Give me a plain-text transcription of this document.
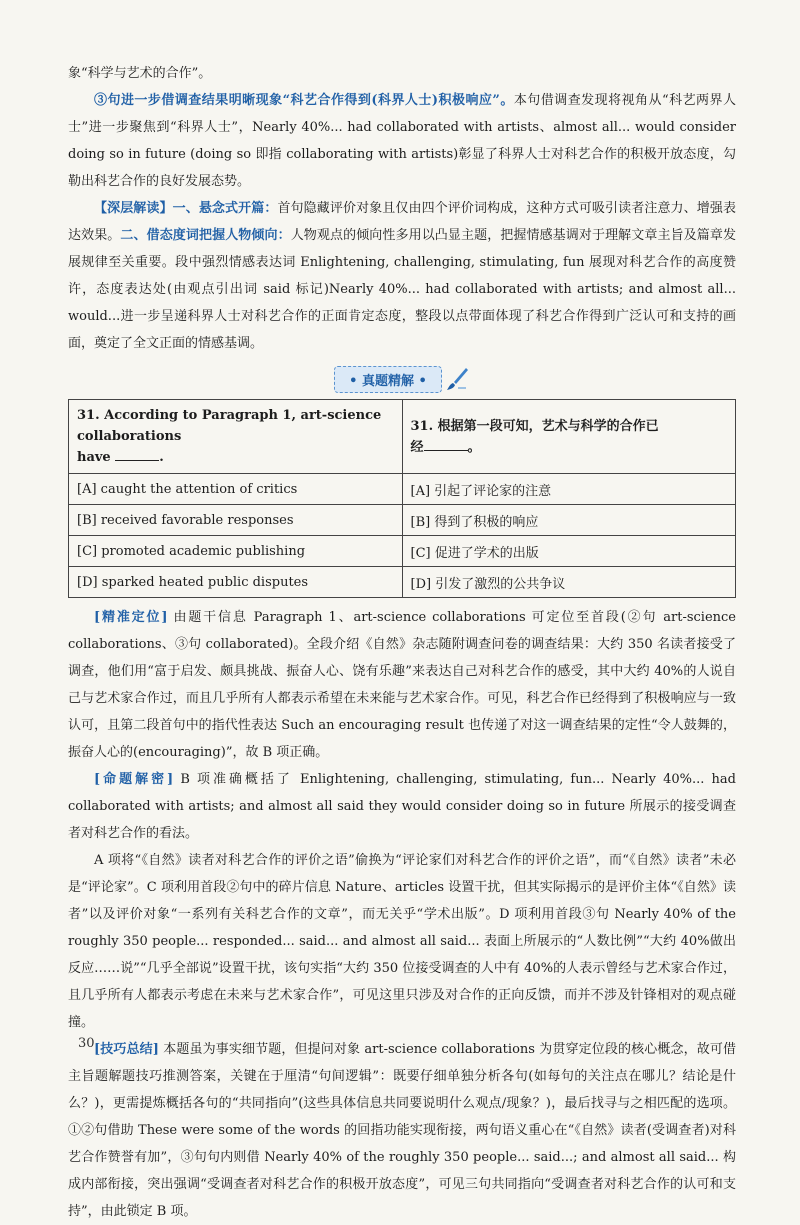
象“科学与艺术的合作”。

③句进一步借调查结果明晰现象“科艺合作得到(科界人士)积极响应”。本句借调查发现将视角从“科艺两界人士”进一步聚焦到“科界人士”，Nearly 40%... had collaborated with artists、almost all... would consider doing so in future (doing so 即指 collaborating with artists)彰显了科界人士对科艺合作的积极开放态度，勾勒出科艺合作的良好发展态势。

【深层解读】一、悬念式开篇：首句隐藏评价对象且仅由四个评价词构成，这种方式可吸引读者注意力、增强表达效果。二、借态度词把握人物倾向：人物观点的倾向性多用以凸显主题，把握情感基调对于理解文章主旨及篇章发展规律至关重要。段中强烈情感表达词 Enlightening, challenging, stimulating, fun 展现对科艺合作的高度赞许，态度表达处(由观点引出词 said 标记)Nearly 40%... had collaborated with artists; and almost all... would...进一步呈递科界人士对科艺合作的正面肯定态度，整段以点带面体现了科艺合作得到广泛认可和支持的画面，奠定了全文正面的情感基调。

• 真题精解 •
31. According to Paragraph 1, art-science collaborations
have .	31. 根据第一段可知，艺术与科学的合作已
经 。
[A] caught the attention of critics	[A] 引起了评论家的注意
[B] received favorable responses	[B] 得到了积极的响应
[C] promoted academic publishing	[C] 促进了学术的出版
[D] sparked heated public disputes	[D] 引发了激烈的公共争议

[精准定位] 由题干信息 Paragraph 1、art-science collaborations 可定位至首段(②句 art-science collaborations、③句 collaborated)。全段介绍《自然》杂志随附调查问卷的调查结果：大约 350 名读者接受了调查，他们用“富于启发、颇具挑战、振奋人心、饶有乐趣”来表达自己对科艺合作的感受，其中大约 40%的人说自己与艺术家合作过，而且几乎所有人都表示希望在未来能与艺术家合作。可见，科艺合作已经得到了积极响应与一致认可，且第二段首句中的指代性表达 Such an encouraging result 也传递了对这一调查结果的定性“令人鼓舞的，振奋人心的(encouraging)”，故 B 项正确。

[命题解密] B 项准确概括了 Enlightening, challenging, stimulating, fun... Nearly 40%... had collaborated with artists; and almost all said they would consider doing so in future 所展示的接受调查者对科艺合作的看法。

A 项将“《自然》读者对科艺合作的评价之语”偷换为“评论家们对科艺合作的评价之语”，而“《自然》读者”未必是“评论家”。C 项利用首段②句中的碎片信息 Nature、articles 设置干扰，但其实际揭示的是评价主体“《自然》读者”以及评价对象“一系列有关科艺合作的文章”，而无关乎“学术出版”。D 项利用首段③句 Nearly 40% of the roughly 350 people... responded... said... and almost all said... 表面上所展示的“人数比例”“大约 40%做出反应……说”“几乎全部说”设置干扰，该句实指“大约 350 位接受调查的人中有 40%的人表示曾经与艺术家合作过，且几乎所有人都表示考虑在未来与艺术家合作”，可见这里只涉及对合作的正向反馈，而并不涉及针锋相对的观点碰撞。

[技巧总结] 本题虽为事实细节题，但提问对象 art-science collaborations 为贯穿定位段的核心概念，故可借主旨题解题技巧推测答案，关键在于厘清“句间逻辑”：既要仔细单独分析各句(如每句的关注点在哪儿？结论是什么？)，更需提炼概括各句的“共同指向”(这些具体信息共同要说明什么观点/现象？)，最后找寻与之相匹配的选项。①②句借助 These were some of the words 的回指功能实现衔接，两句语义重心在“《自然》读者(受调查者)对科艺合作赞誉有加”，③句句内则借 Nearly 40% of the roughly 350 people... said...; and almost all said... 构成内部衔接，突出强调“受调查者对科艺合作的积极开放态度”，可见三句共同指向“受调查者对科艺合作的认可和支持”，由此锁定 B 项。

30
